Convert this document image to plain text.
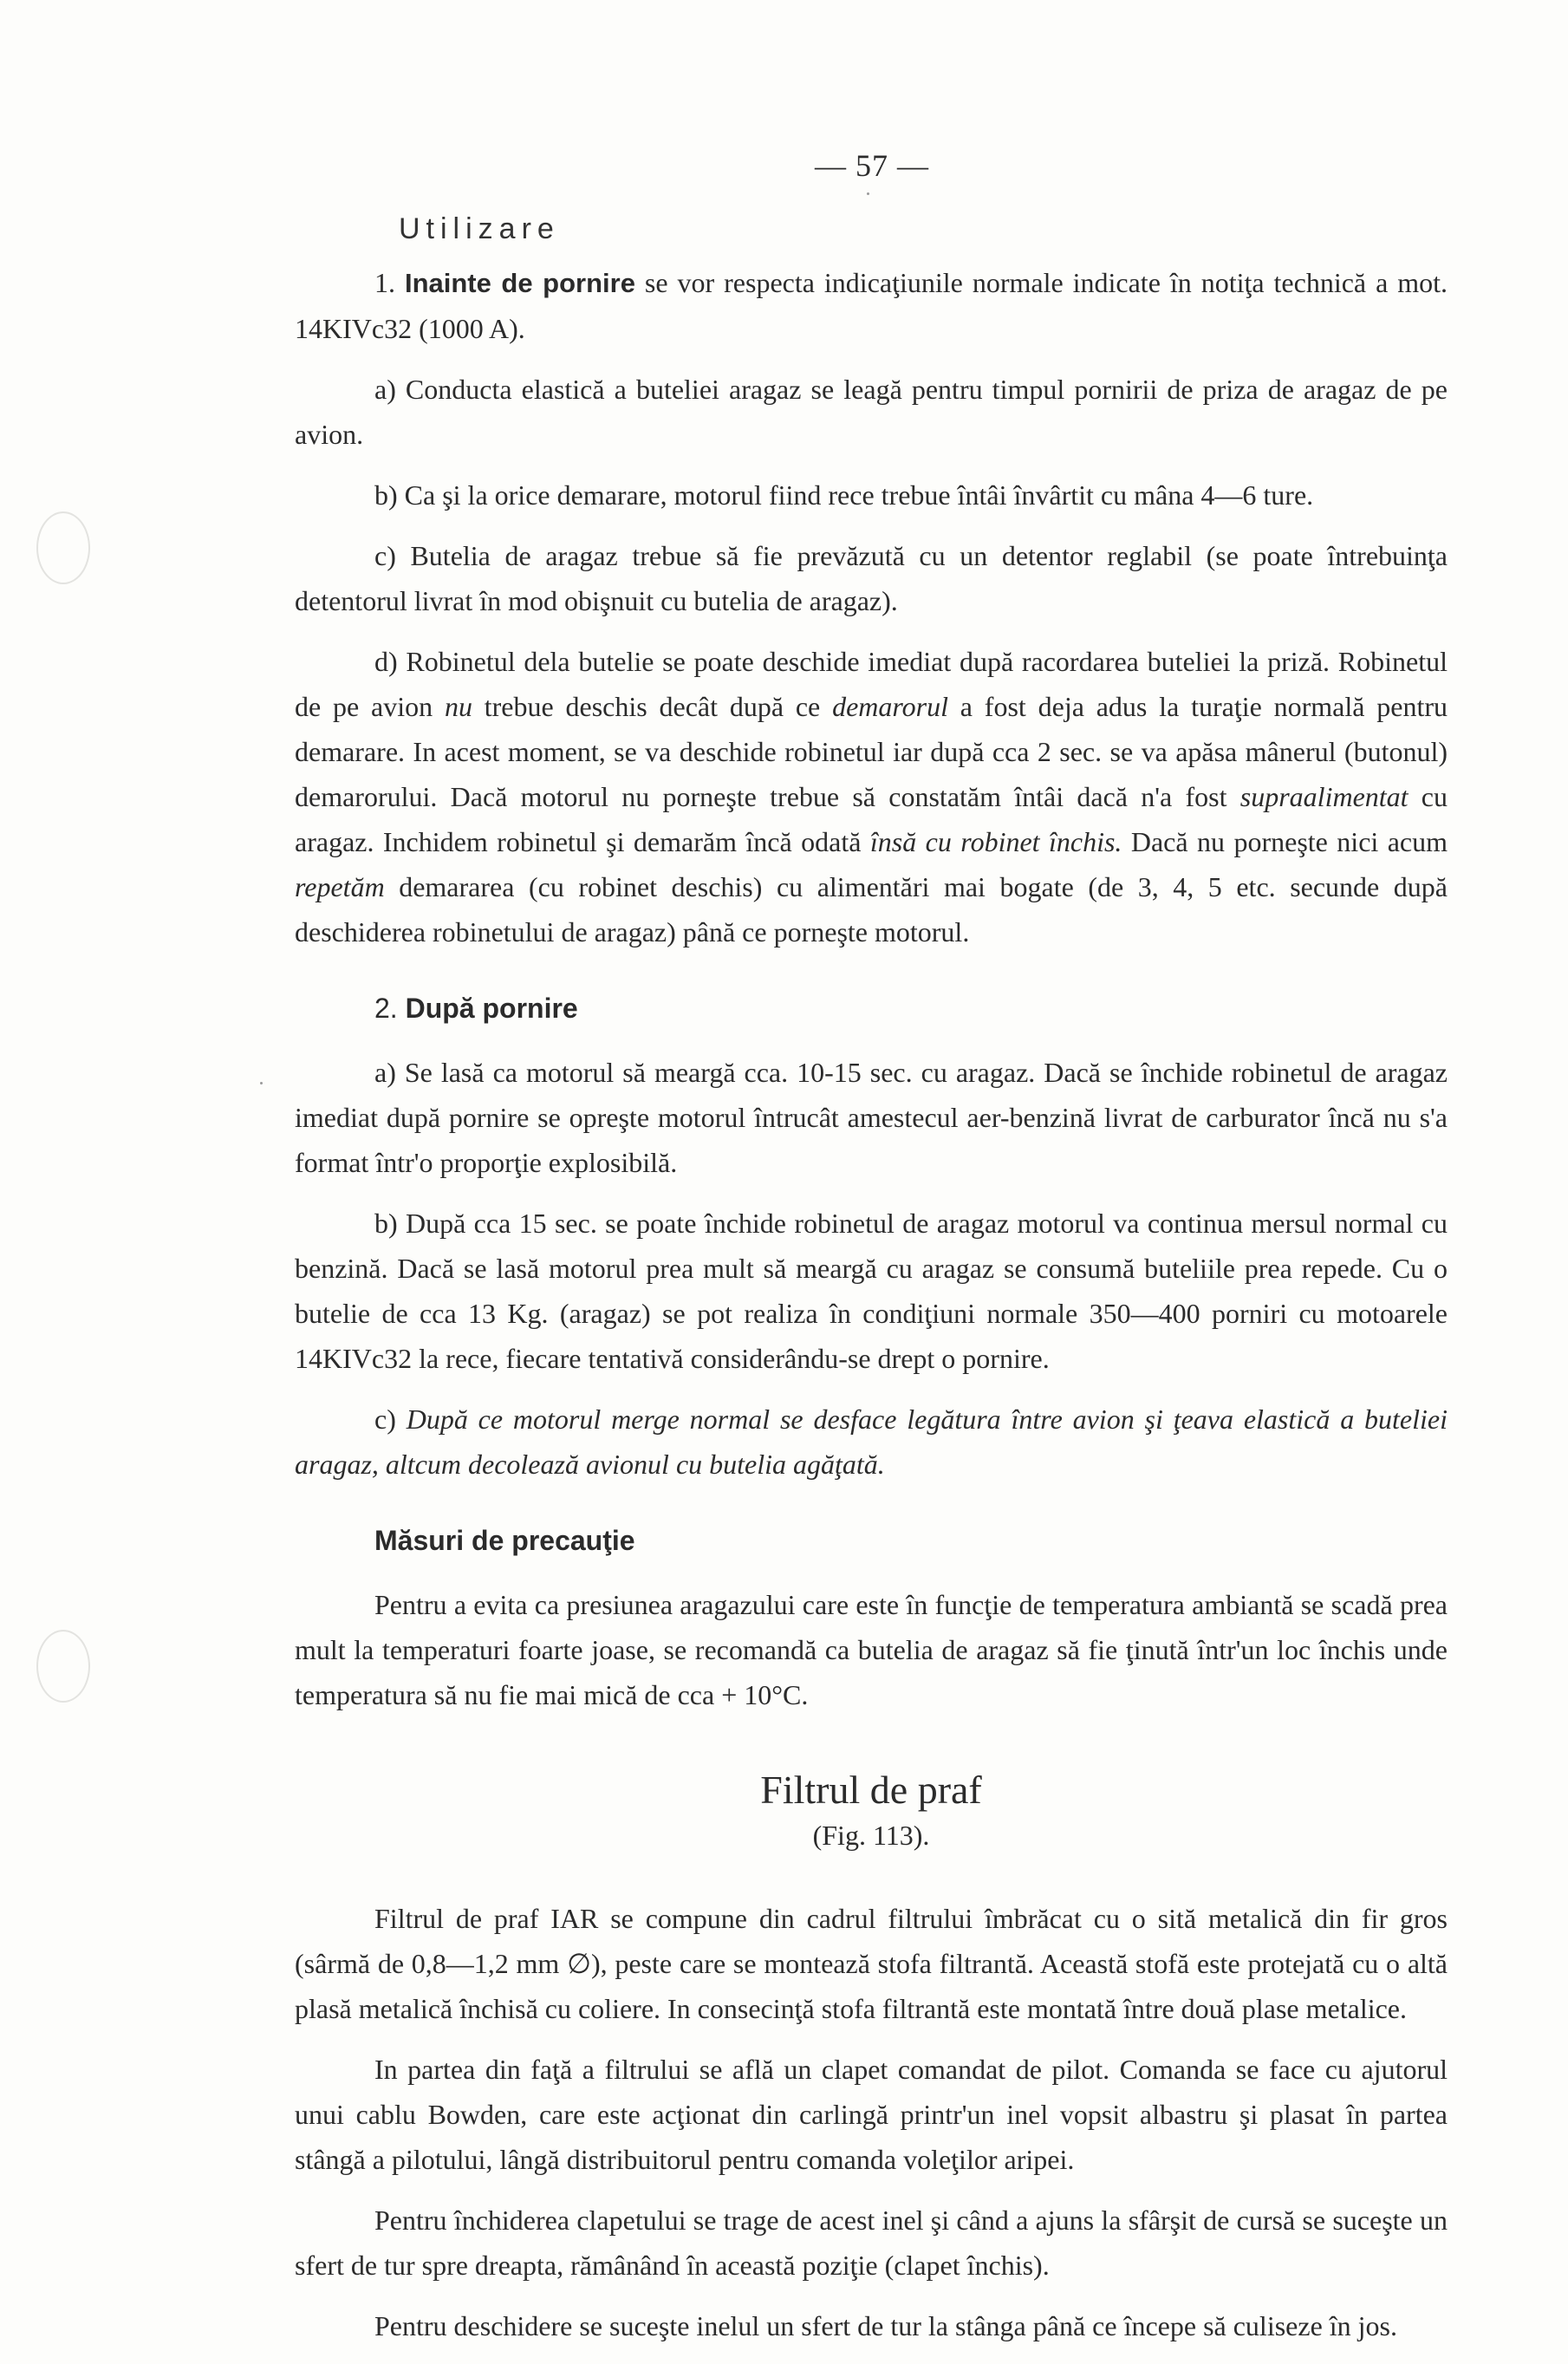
— 57 —
Utilizare

1. Inainte de pornire se vor respecta indicaţiunile normale indicate în notiţa technică a mot. 14KIVc32 (1000 A).

a) Conducta elastică a buteliei aragaz se leagă pentru timpul pornirii de priza de aragaz de pe avion.

b) Ca şi la orice demarare, motorul fiind rece trebue întâi învârtit cu mâna 4—6 ture.

c) Butelia de aragaz trebue să fie prevăzută cu un detentor reglabil (se poate întrebuinţa detentorul livrat în mod obişnuit cu butelia de aragaz).

d) Robinetul dela butelie se poate deschide imediat după racordarea buteliei la priză. Robinetul de pe avion nu trebue deschis decât după ce demarorul a fost deja adus la turaţie normală pentru demarare. In acest moment, se va deschide robinetul iar după cca 2 sec. se va apăsa mânerul (butonul) demarorului. Dacă motorul nu porneşte trebue să constatăm întâi dacă n'a fost supraalimentat cu aragaz. Inchidem robinetul şi demarăm încă odată însă cu robinet închis. Dacă nu porneşte nici acum repetăm demararea (cu robinet deschis) cu alimentări mai bogate (de 3, 4, 5 etc. secunde după deschiderea robinetului de aragaz) până ce porneşte motorul.

2. După pornire

a) Se lasă ca motorul să meargă cca. 10-15 sec. cu aragaz. Dacă se închide robinetul de aragaz imediat după pornire se opreşte motorul întrucât amestecul aer-benzină livrat de carburator încă nu s'a format într'o proporţie explosibilă.

b) După cca 15 sec. se poate închide robinetul de aragaz motorul va continua mersul normal cu benzină. Dacă se lasă motorul prea mult să meargă cu aragaz se consumă buteliile prea repede. Cu o butelie de cca 13 Kg. (aragaz) se pot realiza în condiţiuni normale 350—400 porniri cu motoarele 14KIVc32 la rece, fiecare tentativă considerându-se drept o pornire.

c) După ce motorul merge normal se desface legătura între avion şi ţeava elastică a buteliei aragaz, altcum decolează avionul cu butelia agăţată.

Măsuri de precauţie

Pentru a evita ca presiunea aragazului care este în funcţie de temperatura ambiantă se scadă prea mult la temperaturi foarte joase, se recomandă ca butelia de aragaz să fie ţinută într'un loc închis unde temperatura să nu fie mai mică de cca + 10°C.

Filtrul de praf
(Fig. 113).

Filtrul de praf IAR se compune din cadrul filtrului îmbrăcat cu o sită metalică din fir gros (sârmă de 0,8—1,2 mm ∅), peste care se montează stofa filtrantă. Această stofă este protejată cu o altă plasă metalică închisă cu coliere. In consecinţă stofa filtrantă este montată între două plase metalice.

In partea din faţă a filtrului se află un clapet comandat de pilot. Comanda se face cu ajutorul unui cablu Bowden, care este acţionat din carlingă printr'un inel vopsit albastru şi plasat în partea stângă a pilotului, lângă distribuitorul pentru comanda voleţilor aripei.

Pentru închiderea clapetului se trage de acest inel şi când a ajuns la sfârşit de cursă se suceşte un sfert de tur spre dreapta, rămânând în această poziţie (clapet închis).

Pentru deschidere se suceşte inelul un sfert de tur la stânga până ce începe să culiseze în jos.
